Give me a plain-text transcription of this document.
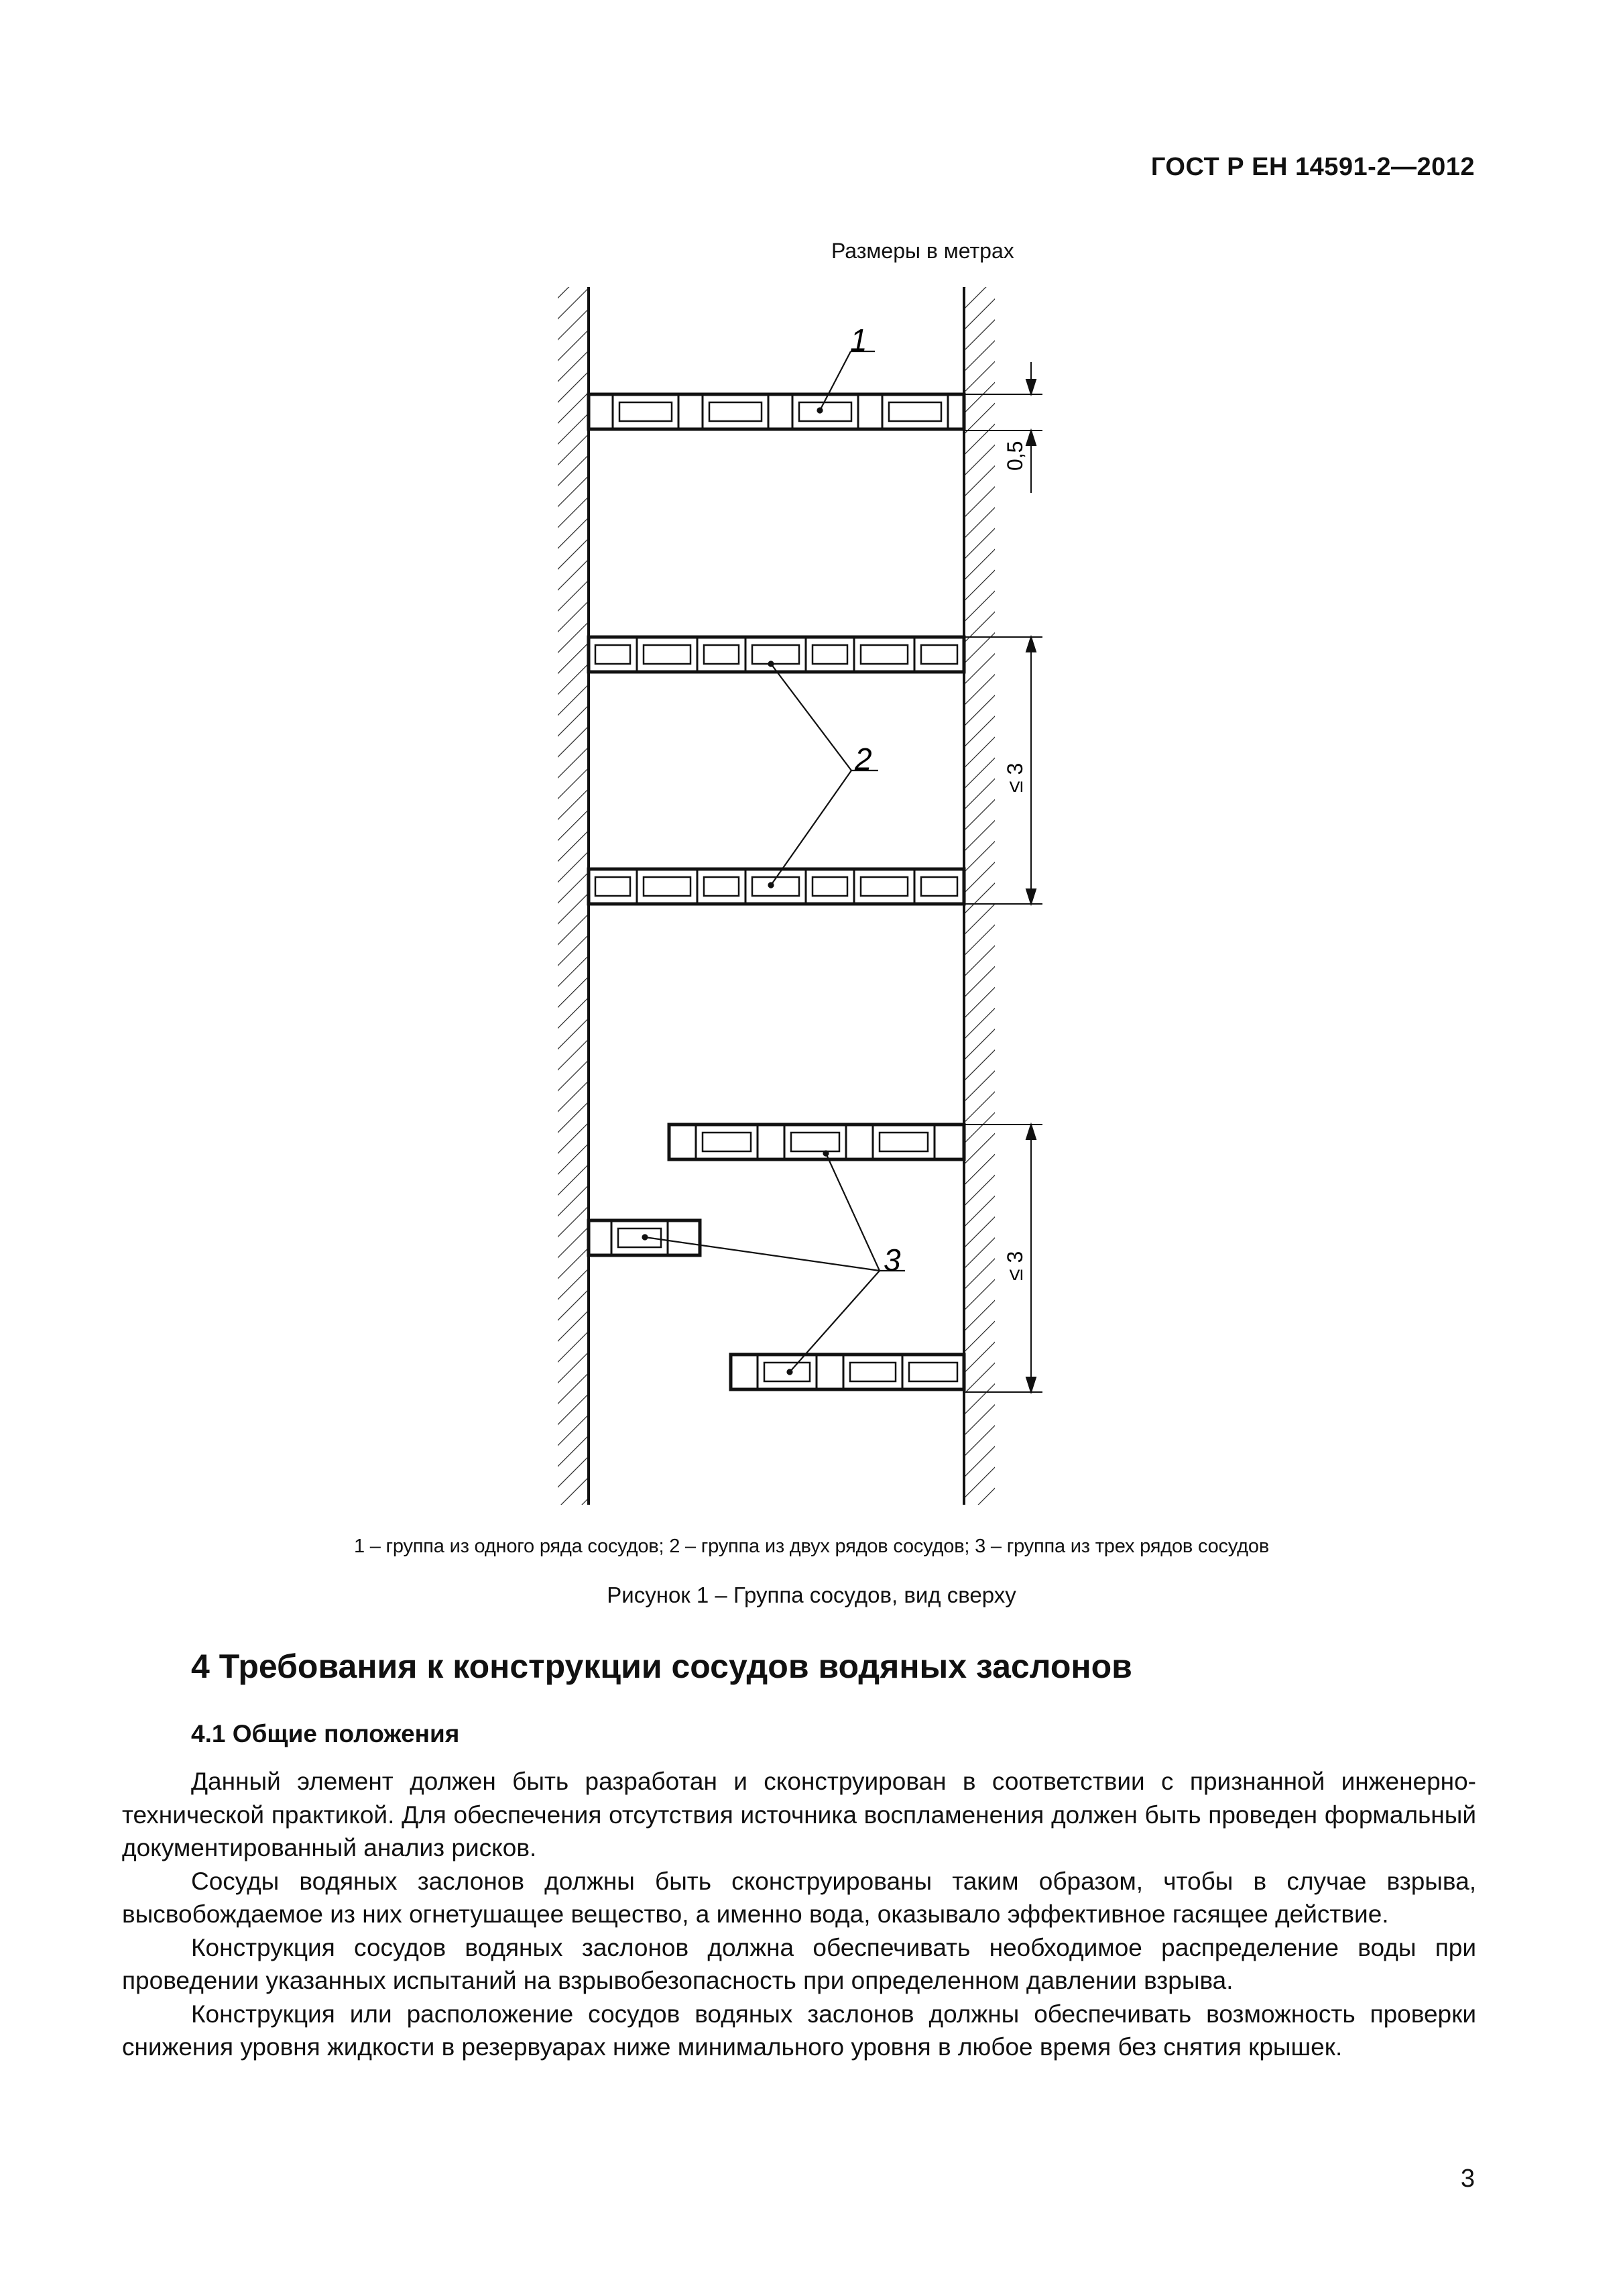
ГОСТ Р ЕН 14591-2—2012
Размеры в метрах
1
2
3
0,5
≤ 3
≤ 3
1 – группа из одного ряда сосудов; 2 – группа из двух рядов сосудов; 3 – группа из трех рядов сосудов
Рисунок 1 – Группа сосудов, вид сверху
4 Требования к конструкции сосудов водяных заслонов
4.1 Общие положения

Данный элемент должен быть разработан и сконструирован в соответствии с признанной инженерно-технической практикой. Для обеспечения отсутствия источника воспламенения должен быть проведен формальный документированный анализ рисков.

Сосуды водяных заслонов должны быть сконструированы таким образом, чтобы в случае взрыва, высвобождаемое из них огнетушащее вещество, а именно вода, оказывало эффективное гасящее действие.

Конструкция сосудов водяных заслонов должна обеспечивать необходимое распределение воды при проведении указанных испытаний на взрывобезопасность при определенном давлении взрыва.

Конструкция или расположение сосудов водяных заслонов должны обеспечивать возможность проверки снижения уровня жидкости в резервуарах ниже минимального уровня в любое время без снятия крышек.

3
